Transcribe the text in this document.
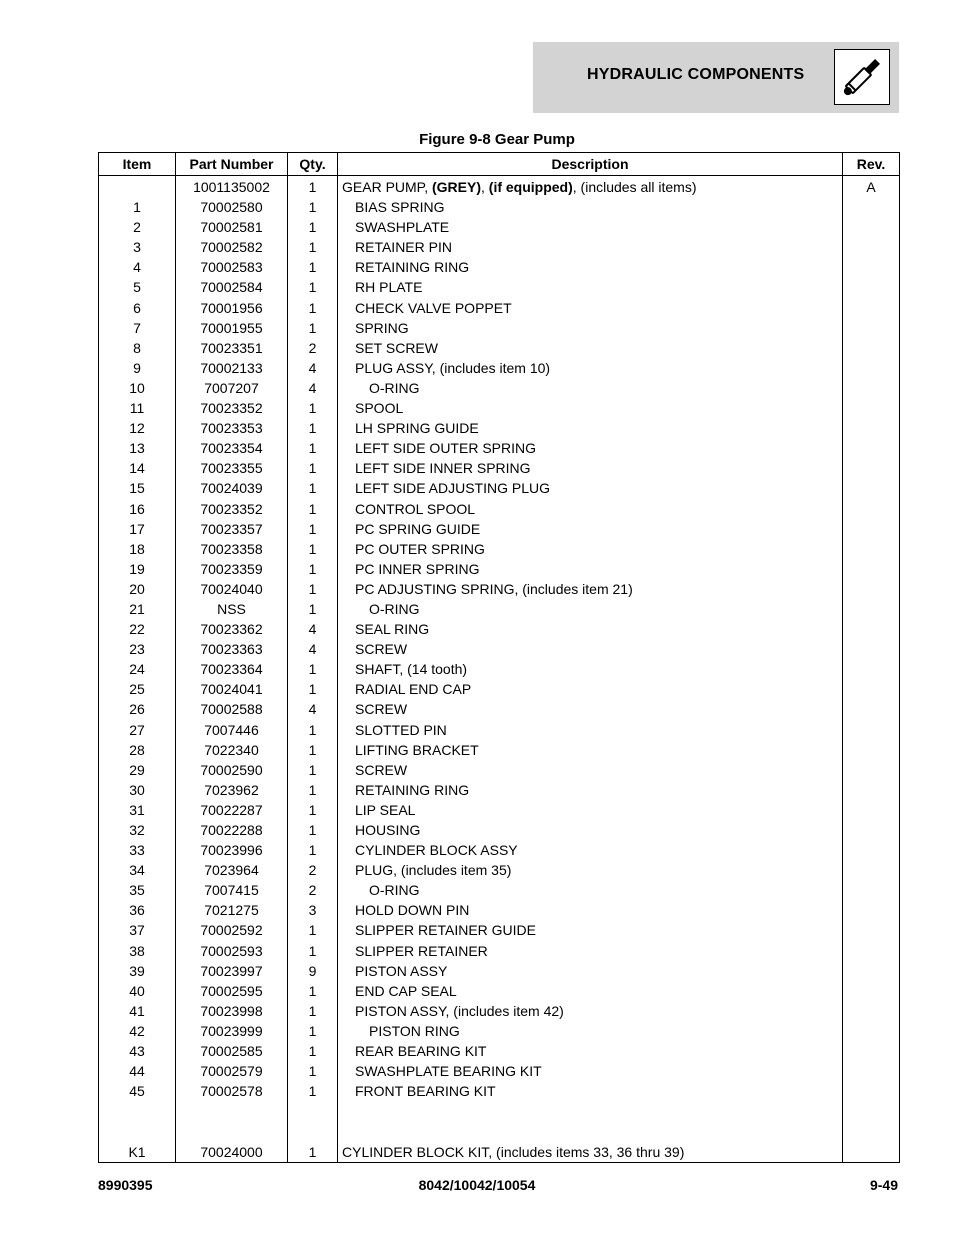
HYDRAULIC COMPONENTS
Figure 9-8 Gear Pump
Item	Part Number	Qty.	Description	Rev.
	1001135002	1	GEAR PUMP, (GREY), (if equipped), (includes all items)	A
1	70002580	1	BIAS SPRING	
2	70002581	1	SWASHPLATE	
3	70002582	1	RETAINER PIN	
4	70002583	1	RETAINING RING	
5	70002584	1	RH PLATE	
6	70001956	1	CHECK VALVE POPPET	
7	70001955	1	SPRING	
8	70023351	2	SET SCREW	
9	70002133	4	PLUG ASSY, (includes item 10)	
10	7007207	4	O-RING	
11	70023352	1	SPOOL	
12	70023353	1	LH SPRING GUIDE	
13	70023354	1	LEFT SIDE OUTER SPRING	
14	70023355	1	LEFT SIDE INNER SPRING	
15	70024039	1	LEFT SIDE ADJUSTING PLUG	
16	70023352	1	CONTROL SPOOL	
17	70023357	1	PC SPRING GUIDE	
18	70023358	1	PC OUTER SPRING	
19	70023359	1	PC INNER SPRING	
20	70024040	1	PC ADJUSTING SPRING, (includes item 21)	
21	NSS	1	O-RING	
22	70023362	4	SEAL RING	
23	70023363	4	SCREW	
24	70023364	1	SHAFT, (14 tooth)	
25	70024041	1	RADIAL END CAP	
26	70002588	4	SCREW	
27	7007446	1	SLOTTED PIN	
28	7022340	1	LIFTING BRACKET	
29	70002590	1	SCREW	
30	7023962	1	RETAINING RING	
31	70022287	1	LIP SEAL	
32	70022288	1	HOUSING	
33	70023996	1	CYLINDER BLOCK ASSY	
34	7023964	2	PLUG, (includes item 35)	
35	7007415	2	O-RING	
36	7021275	3	HOLD DOWN PIN	
37	70002592	1	SLIPPER RETAINER GUIDE	
38	70002593	1	SLIPPER RETAINER	
39	70023997	9	PISTON ASSY	
40	70002595	1	END CAP SEAL	
41	70023998	1	PISTON ASSY, (includes item 42)	
42	70023999	1	PISTON RING	
43	70002585	1	REAR BEARING KIT	
44	70002579	1	SWASHPLATE BEARING KIT	
45	70002578	1	FRONT BEARING KIT	

K1	70024000	1	CYLINDER BLOCK KIT, (includes items 33, 36 thru 39)	
8990395	8042/10042/10054	9-49
